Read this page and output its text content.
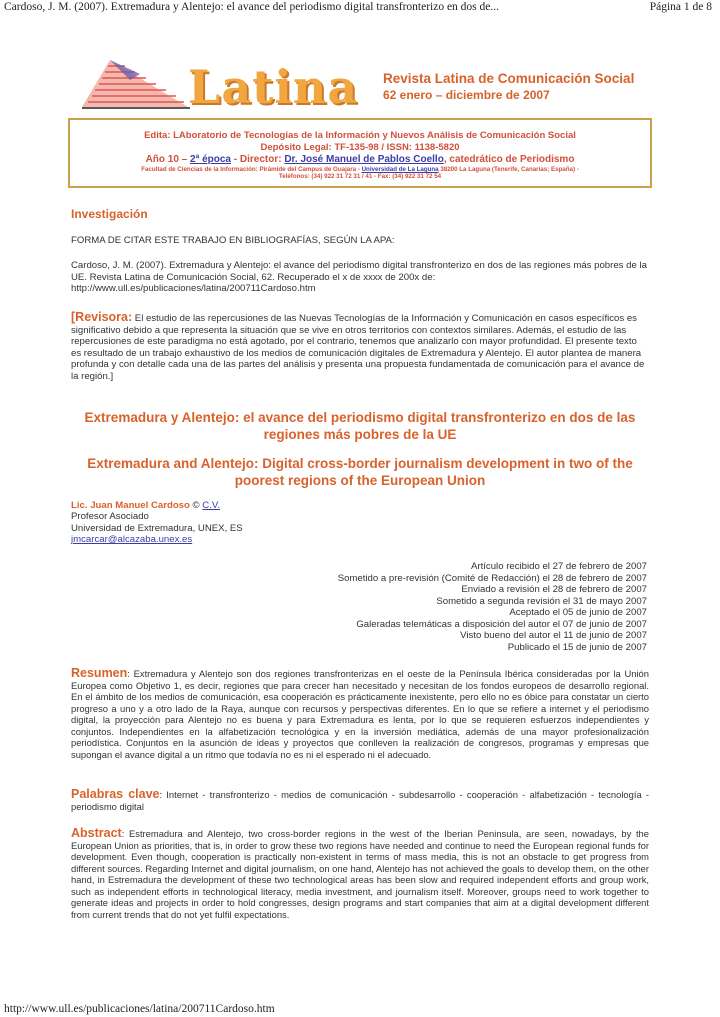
Cardoso, J. M. (2007). Extremadura y Alentejo: el avance del periodismo digital transfronterizo en dos de...	Página 1 de 8
Latina Revista Latina de Comunicación Social
62 enero – diciembre de 2007
Edita: LAboratorio de Tecnologías de la Información y Nuevos Análisis de Comunicación Social
Depósito Legal: TF-135-98 / ISSN: 1138-5820
Año 10 – 2ª época - Director: Dr. José Manuel de Pablos Coello, catedrático de Periodismo
Facultad de Ciencias de la Información: Pirámide del Campus de Guajara - Universidad de La Laguna 38200 La Laguna (Tenerife, Canarias; España) -
Teléfonos: (34) 922 31 72 31 / 41 - Fax: (34) 922 31 72 54
Investigación
FORMA DE CITAR ESTE TRABAJO EN BIBLIOGRAFÍAS, SEGÚN LA APA:
Cardoso, J. M. (2007). Extremadura y Alentejo: el avance del periodismo digital transfronterizo en dos de las regiones más pobres de la UE. Revista Latina de Comunicación Social, 62. Recuperado el x de xxxx de 200x de: http://www.ull.es/publicaciones/latina/200711Cardoso.htm
[Revisora: El estudio de las repercusiones de las Nuevas Tecnologías de la Información y Comunicación en casos específicos es significativo debido a que representa la situación que se vive en otros territorios con contextos similares. Además, el estudio de las repercusiones de este paradigma no está agotado, por el contrario, tenemos que analizarlo con mayor profundidad. El presente texto es resultado de un trabajo exhaustivo de los medios de comunicación digitales de Extremadura y Alentejo. El autor plantea de manera profunda y con detalle cada una de las partes del análisis y presenta una propuesta fundamentada de comunicación para el avance de la región.]
Extremadura y Alentejo: el avance del periodismo digital transfronterizo en dos de las regiones más pobres de la UE
Extremadura and Alentejo: Digital cross-border journalism development in two of the poorest regions of the European Union
Lic. Juan Manuel Cardoso © C.V.
Profesor Asociado
Universidad de Extremadura, UNEX, ES
jmcarcar@alcazaba.unex.es
Artículo recibido el 27 de febrero de 2007
Sometido a pre-revisión (Comité de Redacción) el 28 de febrero de 2007
Enviado a revisión el 28 de febrero de 2007
Sometido a segunda revisión el 31 de mayo 2007
Aceptado el 05 de junio de 2007
Galeradas telemáticas a disposición del autor el 07 de junio de 2007
Visto bueno del autor el 11 de junio de 2007
Publicado el 15 de junio de 2007
Resumen: Extremadura y Alentejo son dos regiones transfronterizas en el oeste de la Península Ibérica consideradas por la Unión Europea como Objetivo 1, es decir, regiones que para crecer han necesitado y necesitan de los fondos europeos de desarrollo regional. En el ámbito de los medios de comunicación, esa cooperación es prácticamente inexistente, pero ello no es óbice para constatar un cierto progreso a uno y a otro lado de la Raya, aunque con recursos y perspectivas diferentes. En lo que se refiere a internet y el periodismo digital, la proyección para Alentejo no es buena y para Extremadura es lenta, por lo que se requieren esfuerzos independientes y conjuntos. Independientes en la alfabetización tecnológica y en la inversión mediática, además de una mayor profesionalización periodística. Conjuntos en la asunción de ideas y proyectos que conlleven la realización de congresos, programas y empresas que supongan el avance digital a un ritmo que todavía no es ni el esperado ni el adecuado.
Palabras clave: Internet - transfronterizo - medios de comunicación - subdesarrollo - cooperación - alfabetización - tecnología - periodismo digital
Abstract: Estremadura and Alentejo, two cross-border regions in the west of the Iberian Peninsula, are seen, nowadays, by the European Union as priorities, that is, in order to grow these two regions have needed and continue to need the European regional funds for development. Even though, cooperation is practically non-existent in terms of mass media, this is not an obstacle to get progress from different sources. Regarding Internet and digital journalism, on one hand, Alentejo has not achieved the goals to develop them, on the other hand, in Estremadura the development of these two technological areas has been slow and required independent efforts and group work, such as independent efforts in technological literacy, media investment, and journalism itself. Moreover, groups need to work together to generate ideas and projects in order to hold congresses, design programs and start companies that aim at a digital development different from current trends that do not yet fulfil expectations.
http://www.ull.es/publicaciones/latina/200711Cardoso.htm
